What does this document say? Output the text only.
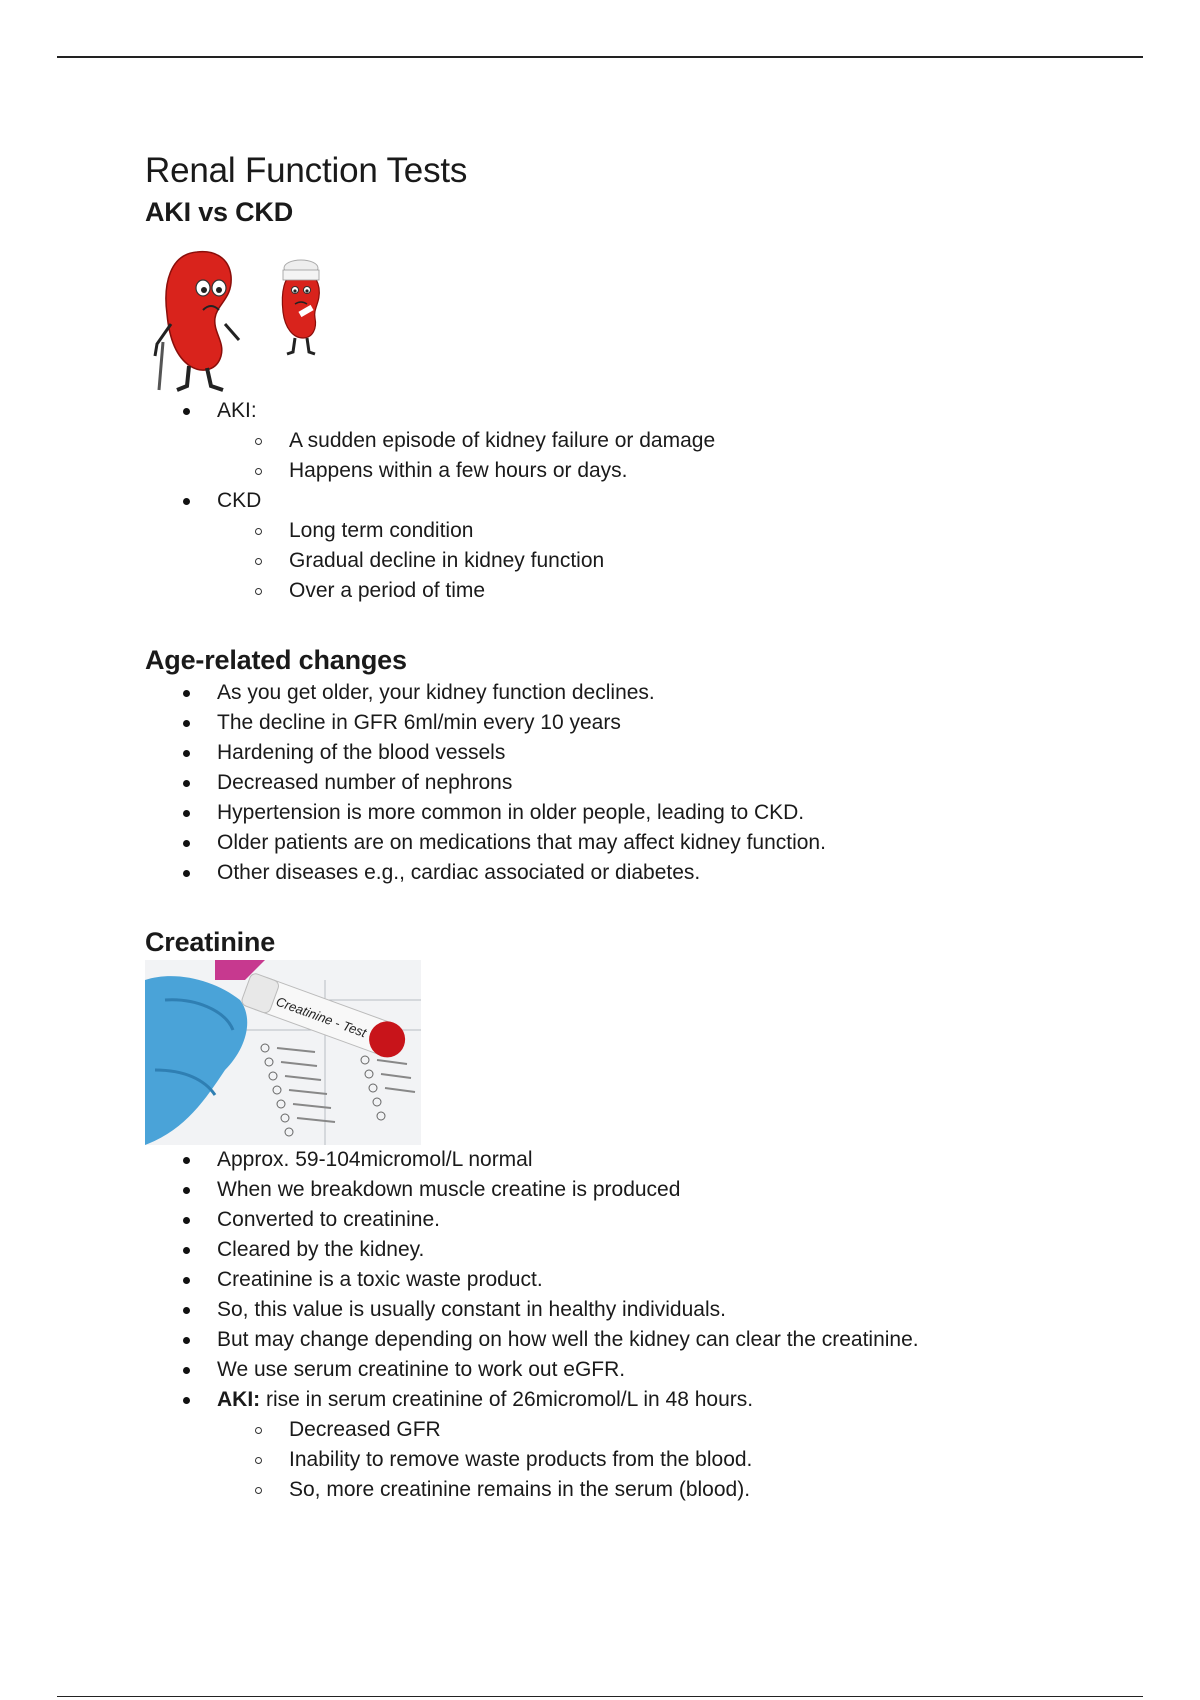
Renal Function Tests
AKI vs CKD
AKI:
A sudden episode of kidney failure or damage
Happens within a few hours or days.
CKD
Long term condition
Gradual decline in kidney function
Over a period of time
Age-related changes
As you get older, your kidney function declines.
The decline in GFR 6ml/min every 10 years
Hardening of the blood vessels
Decreased number of nephrons
Hypertension is more common in older people, leading to CKD.
Older patients are on medications that may affect kidney function.
Other diseases e.g., cardiac associated or diabetes.
Creatinine
Creatinine - Test
Approx. 59-104micromol/L normal
When we breakdown muscle creatine is produced
Converted to creatinine.
Cleared by the kidney.
Creatinine is a toxic waste product.
So, this value is usually constant in healthy individuals.
But may change depending on how well the kidney can clear the creatinine.
We use serum creatinine to work out eGFR.
AKI: rise in serum creatinine of 26micromol/L in 48 hours.
Decreased GFR
Inability to remove waste products from the blood.
So, more creatinine remains in the serum (blood).
